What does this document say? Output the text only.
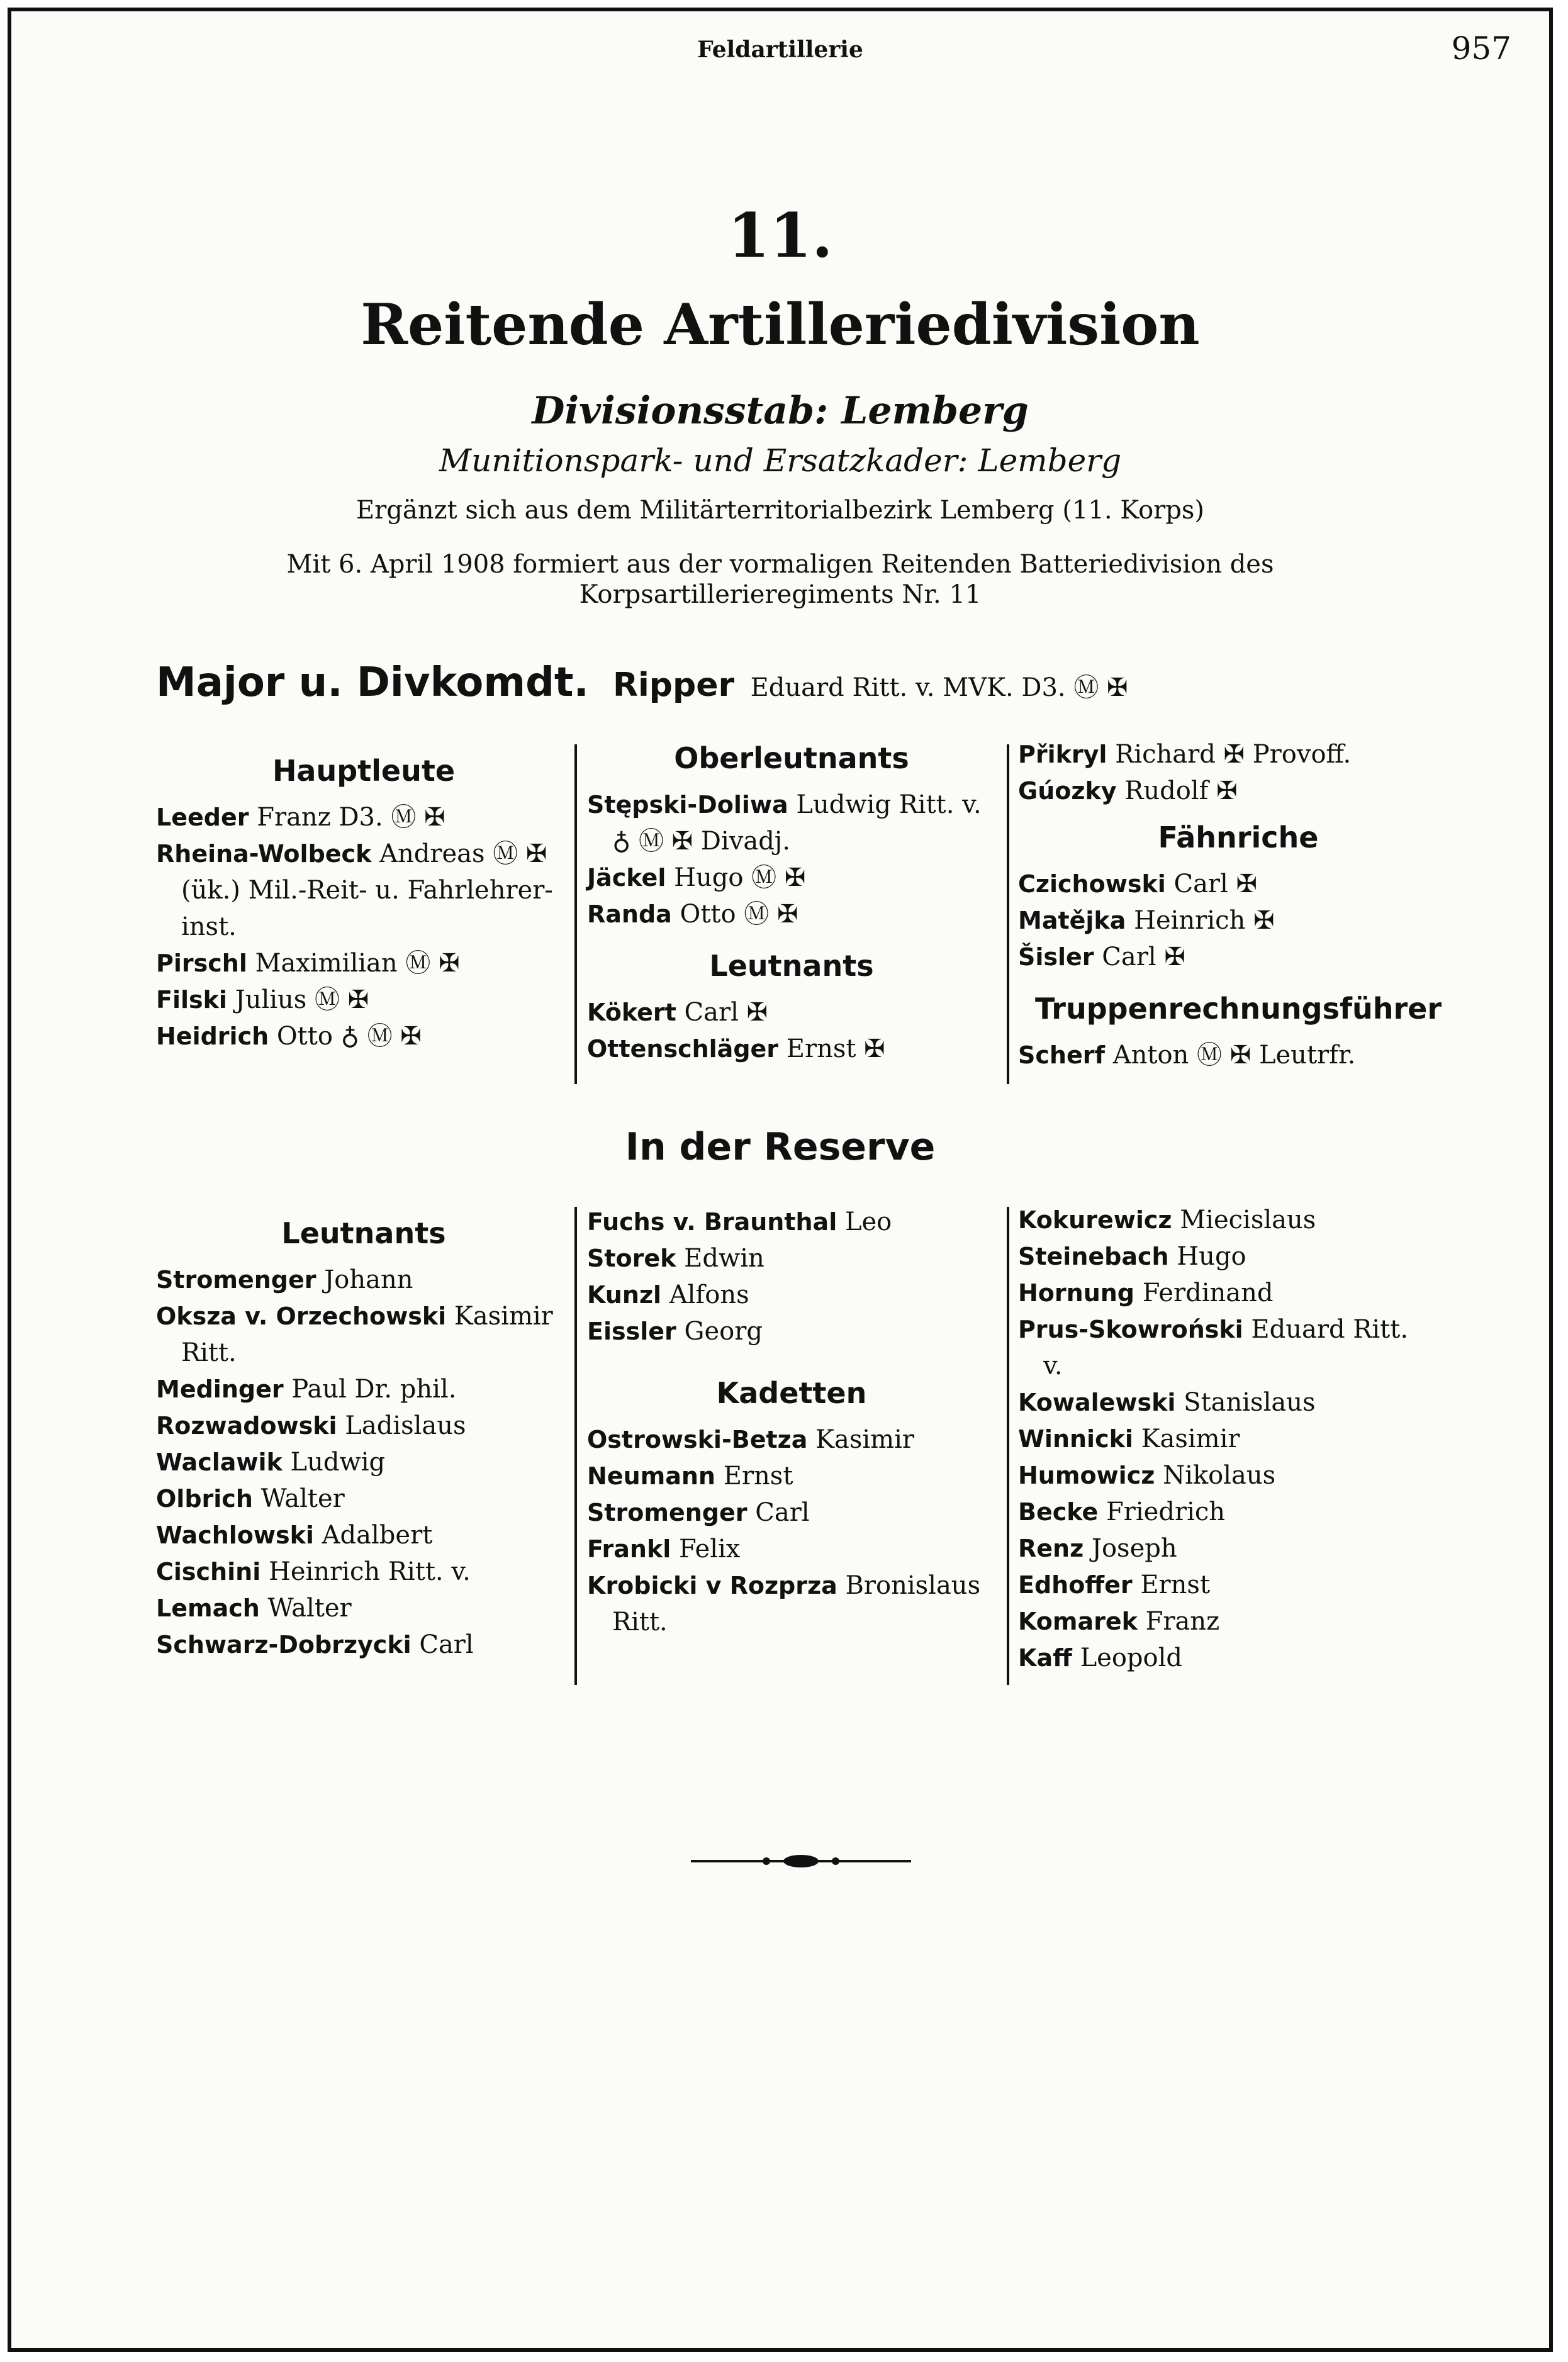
Feldartillerie	957
11.
Reitende Artilleriedivision
Divisionsstab: Lemberg
Munitionspark- und Ersatzkader: Lemberg
Ergänzt sich aus dem Militärterritorialbezirk Lemberg (11. Korps)
Mit 6. April 1908 formiert aus der vormaligen Reitenden Batteriedivision des Korpsartillerieregiments Nr. 11
Major u. Divkomdt. Ripper Eduard Ritt. v. MVK. D3. Ⓜ ✠
Hauptleute
Leeder Franz D3. Ⓜ ✠
Rheina-Wolbeck Andreas Ⓜ ✠
(ük.) Mil.-Reit- u. Fahrlehrer-inst.
Pirschl Maximilian Ⓜ ✠
Filski Julius Ⓜ ✠
Heidrich Otto ♁ Ⓜ ✠
Oberleutnants
Stępski-Doliwa Ludwig Ritt. v.
♁ Ⓜ ✠ Divadj.
Jäckel Hugo Ⓜ ✠
Randa Otto Ⓜ ✠
Leutnants
Kökert Carl ✠
Ottenschläger Ernst ✠
Přikryl Richard ✠ Provoff.
Gúozky Rudolf ✠
Fähnriche
Czichowski Carl ✠
Matějka Heinrich ✠
Šisler Carl ✠
Truppenrechnungsführer
Scherf Anton Ⓜ ✠ Leutrfr.
In der Reserve
Leutnants
Stromenger Johann
Oksza v. Orzechowski Kasimir
Ritt.
Medinger Paul Dr. phil.
Rozwadowski Ladislaus
Waclawik Ludwig
Olbrich Walter
Wachlowski Adalbert
Cischini Heinrich Ritt. v.
Lemach Walter
Schwarz-Dobrzycki Carl
Fuchs v. Braunthal Leo
Storek Edwin
Kunzl Alfons
Eissler Georg
Kadetten
Ostrowski-Betza Kasimir
Neumann Ernst
Stromenger Carl
Frankl Felix
Krobicki v Rozprza Bronislaus
Ritt.
Kokurewicz Miecislaus
Steinebach Hugo
Hornung Ferdinand
Prus-Skowroński Eduard Ritt.
v.
Kowalewski Stanislaus
Winnicki Kasimir
Humowicz Nikolaus
Becke Friedrich
Renz Joseph
Edhoffer Ernst
Komarek Franz
Kaff Leopold
